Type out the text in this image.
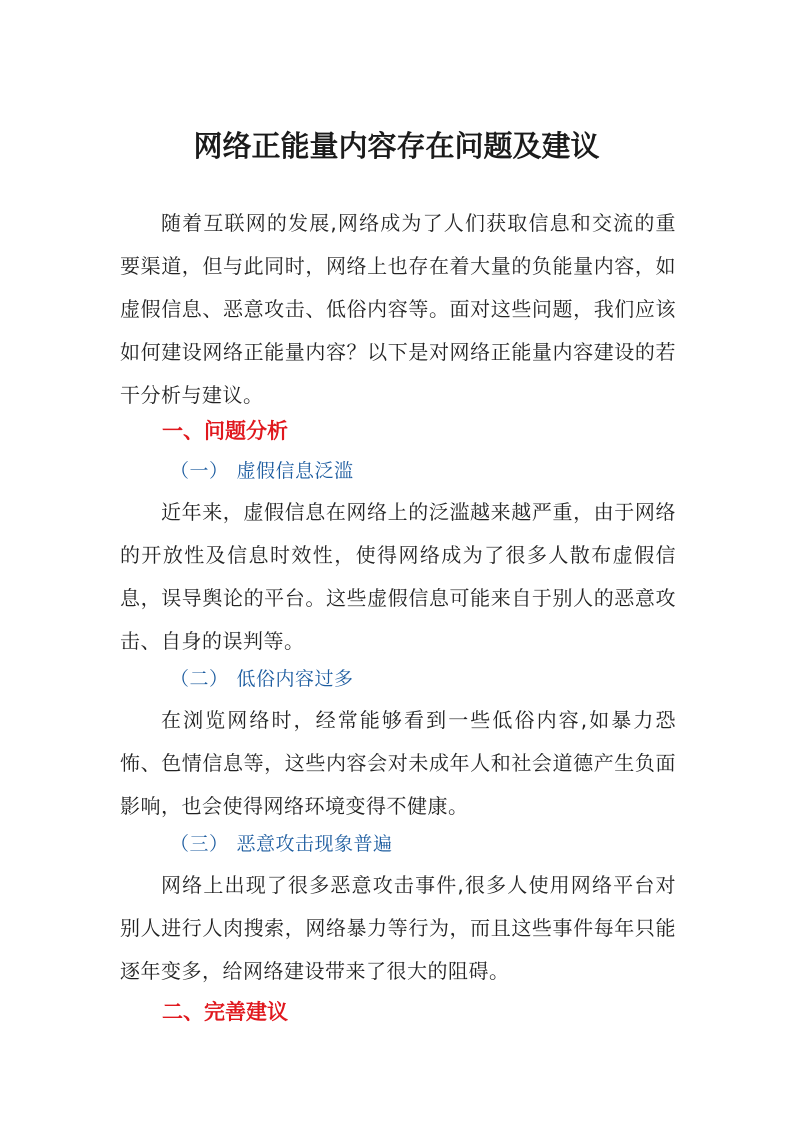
网络正能量内容存在问题及建议

随着互联网的发展,网络成为了人们获取信息和交流的重要渠道，但与此同时，网络上也存在着大量的负能量内容，如虚假信息、恶意攻击、低俗内容等。面对这些问题，我们应该如何建设网络正能量内容？以下是对网络正能量内容建设的若干分析与建议。

一、问题分析
（一） 虚假信息泛滥

近年来，虚假信息在网络上的泛滥越来越严重，由于网络的开放性及信息时效性，使得网络成为了很多人散布虚假信息，误导舆论的平台。这些虚假信息可能来自于别人的恶意攻击、自身的误判等。

（二） 低俗内容过多

在浏览网络时，经常能够看到一些低俗内容,如暴力恐怖、色情信息等，这些内容会对未成年人和社会道德产生负面影响，也会使得网络环境变得不健康。

（三） 恶意攻击现象普遍

网络上出现了很多恶意攻击事件,很多人使用网络平台对别人进行人肉搜索，网络暴力等行为，而且这些事件每年只能逐年变多，给网络建设带来了很大的阻碍。

二、完善建议
